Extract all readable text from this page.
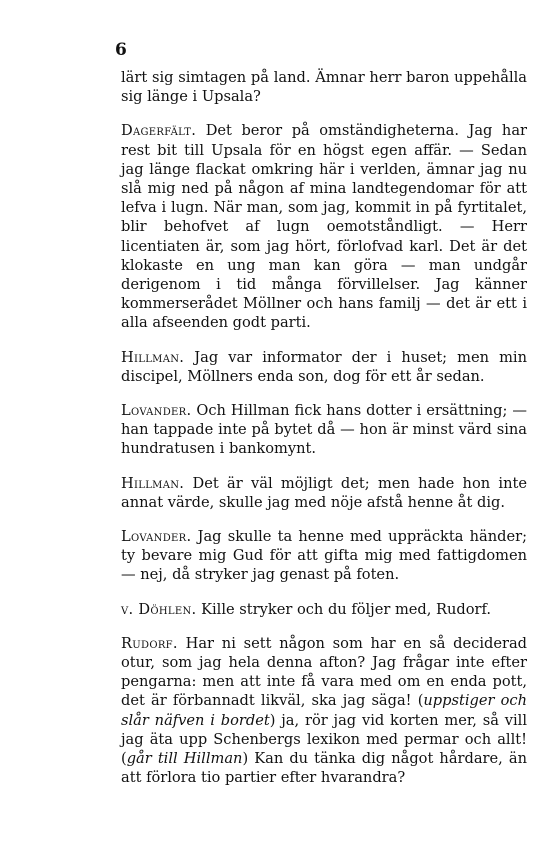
6

lärt sig simtagen på land. Ämnar herr baron uppehålla sig länge i Upsala?

Dagerfält. Det beror på omständigheterna. Jag har rest bit till Upsala för en högst egen affär. — Sedan jag länge flackat omkring här i verlden, ämnar jag nu slå mig ned på någon af mina landtegendomar för att lefva i lugn. När man, som jag, kommit in på fyrtitalet, blir behofvet af lugn oemotståndligt. — Herr licentiaten är, som jag hört, förlofvad karl. Det är det klokaste en ung man kan göra — man undgår derigenom i tid många förvillelser. Jag känner kommerserådet Möllner och hans familj — det är ett i alla afseenden godt parti.

Hillman. Jag var informator der i huset; men min discipel, Möllners enda son, dog för ett år sedan.

Lovander. Och Hillman fick hans dotter i ersättning; — han tappade inte på bytet då — hon är minst värd sina hundratusen i bankomynt.

Hillman. Det är väl möjligt det; men hade hon inte annat värde, skulle jag med nöje afstå henne åt dig.

Lovander. Jag skulle ta henne med uppräckta händer; ty bevare mig Gud för att gifta mig med fattigdomen — nej, då stryker jag genast på foten.

v. Döhlen. Kille stryker och du följer med, Rudorf.

Rudorf. Har ni sett någon som har en så deciderad otur, som jag hela denna afton? Jag frågar inte efter pengarna: men att inte få vara med om en enda pott, det är förbannadt likväl, ska jag säga! (uppstiger och slår näfven i bordet) ja, rör jag vid korten mer, så vill jag äta upp Schenbergs lexikon med permar och allt! (går till Hillman) Kan du tänka dig något hårdare, än att förlora tio partier efter hvarandra?
